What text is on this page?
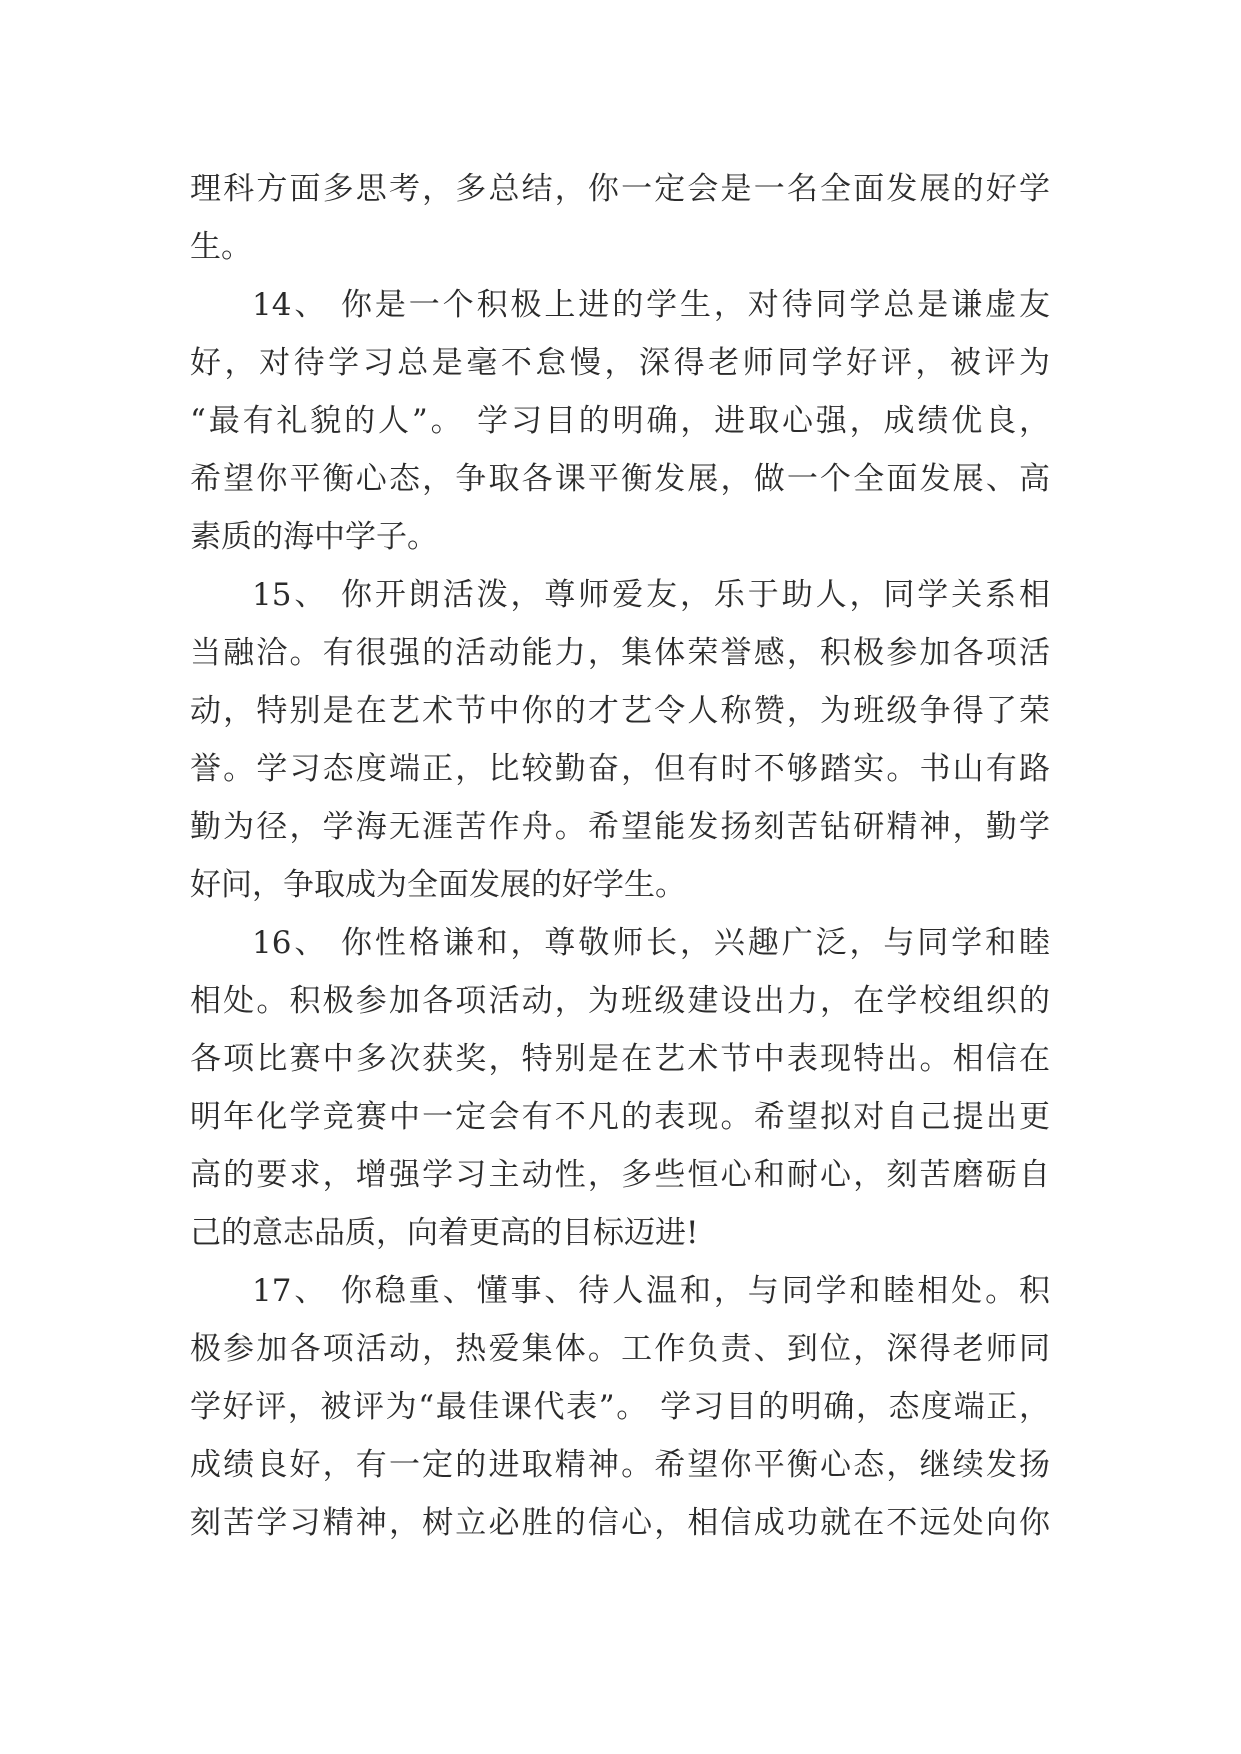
理科方面多思考，多总结，你一定会是一名全面发展的好学
生。
14、 你是一个积极上进的学生，对待同学总是谦虚友
好，对待学习总是毫不怠慢，深得老师同学好评，被评为
“最有礼貌的人”。 学习目的明确，进取心强，成绩优良，
希望你平衡心态，争取各课平衡发展，做一个全面发展、高
素质的海中学子。
15、 你开朗活泼，尊师爱友，乐于助人，同学关系相
当融洽。有很强的活动能力，集体荣誉感，积极参加各项活
动，特别是在艺术节中你的才艺令人称赞，为班级争得了荣
誉。学习态度端正，比较勤奋，但有时不够踏实。书山有路
勤为径，学海无涯苦作舟。希望能发扬刻苦钻研精神，勤学
好问，争取成为全面发展的好学生。
16、 你性格谦和，尊敬师长，兴趣广泛，与同学和睦
相处。积极参加各项活动，为班级建设出力，在学校组织的
各项比赛中多次获奖，特别是在艺术节中表现特出。相信在
明年化学竞赛中一定会有不凡的表现。希望拟对自己提出更
高的要求，增强学习主动性，多些恒心和耐心，刻苦磨砺自
己的意志品质，向着更高的目标迈进!
17、 你稳重、懂事、待人温和，与同学和睦相处。积
极参加各项活动，热爱集体。工作负责、到位，深得老师同
学好评，被评为“最佳课代表”。 学习目的明确，态度端正，
成绩良好，有一定的进取精神。希望你平衡心态，继续发扬
刻苦学习精神，树立必胜的信心，相信成功就在不远处向你
